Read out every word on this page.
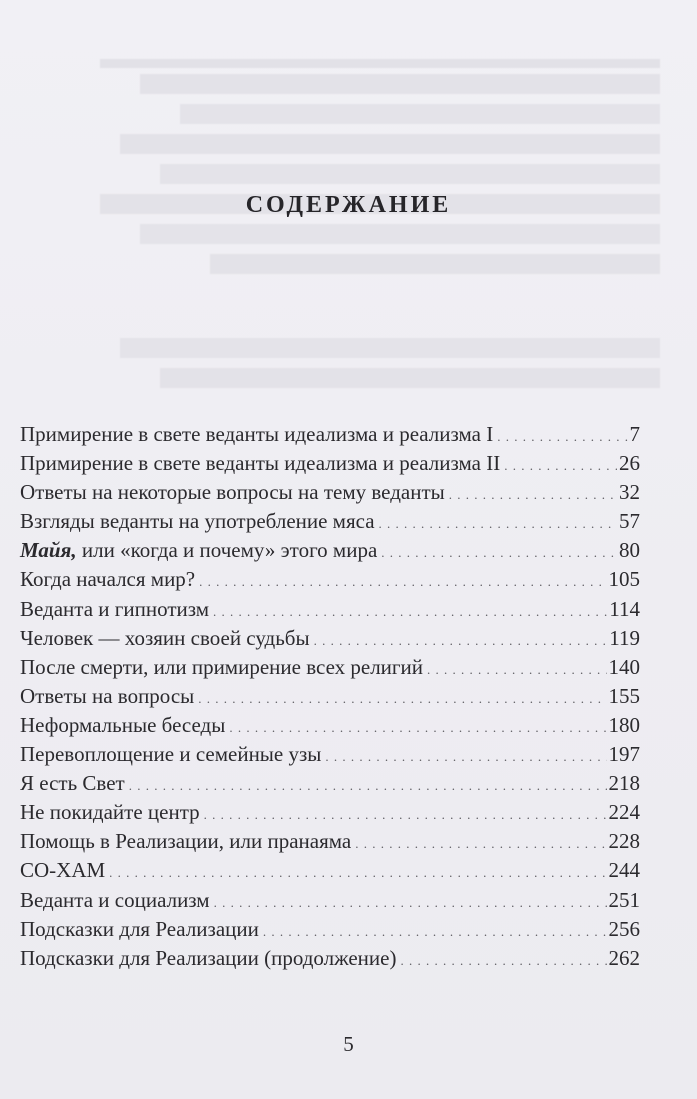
СОДЕРЖАНИЕ
Примирение в свете веданты идеализма и реализма I . . .	7
Примирение в свете веданты идеализма и реализма II . . .	26
Ответы на некоторые вопросы на тему веданты . . .	32
Взгляды веданты на употребление мяса . . .	57
Майя, или «когда и почему» этого мира . . .	80
Когда начался мир? . . .	105
Веданта и гипнотизм . . .	114
Человек — хозяин своей судьбы . . .	119
После смерти, или примирение всех религий . . .	140
Ответы на вопросы . . .	155
Неформальные беседы . . .	180
Перевоплощение и семейные узы . . .	197
Я есть Свет . . .	218
Не покидайте центр . . .	224
Помощь в Реализации, или пранаяма . . .	228
СО-ХАМ . . .	244
Веданта и социализм . . .	251
Подсказки для Реализации . . .	256
Подсказки для Реализации (продолжение) . . .	262
5
